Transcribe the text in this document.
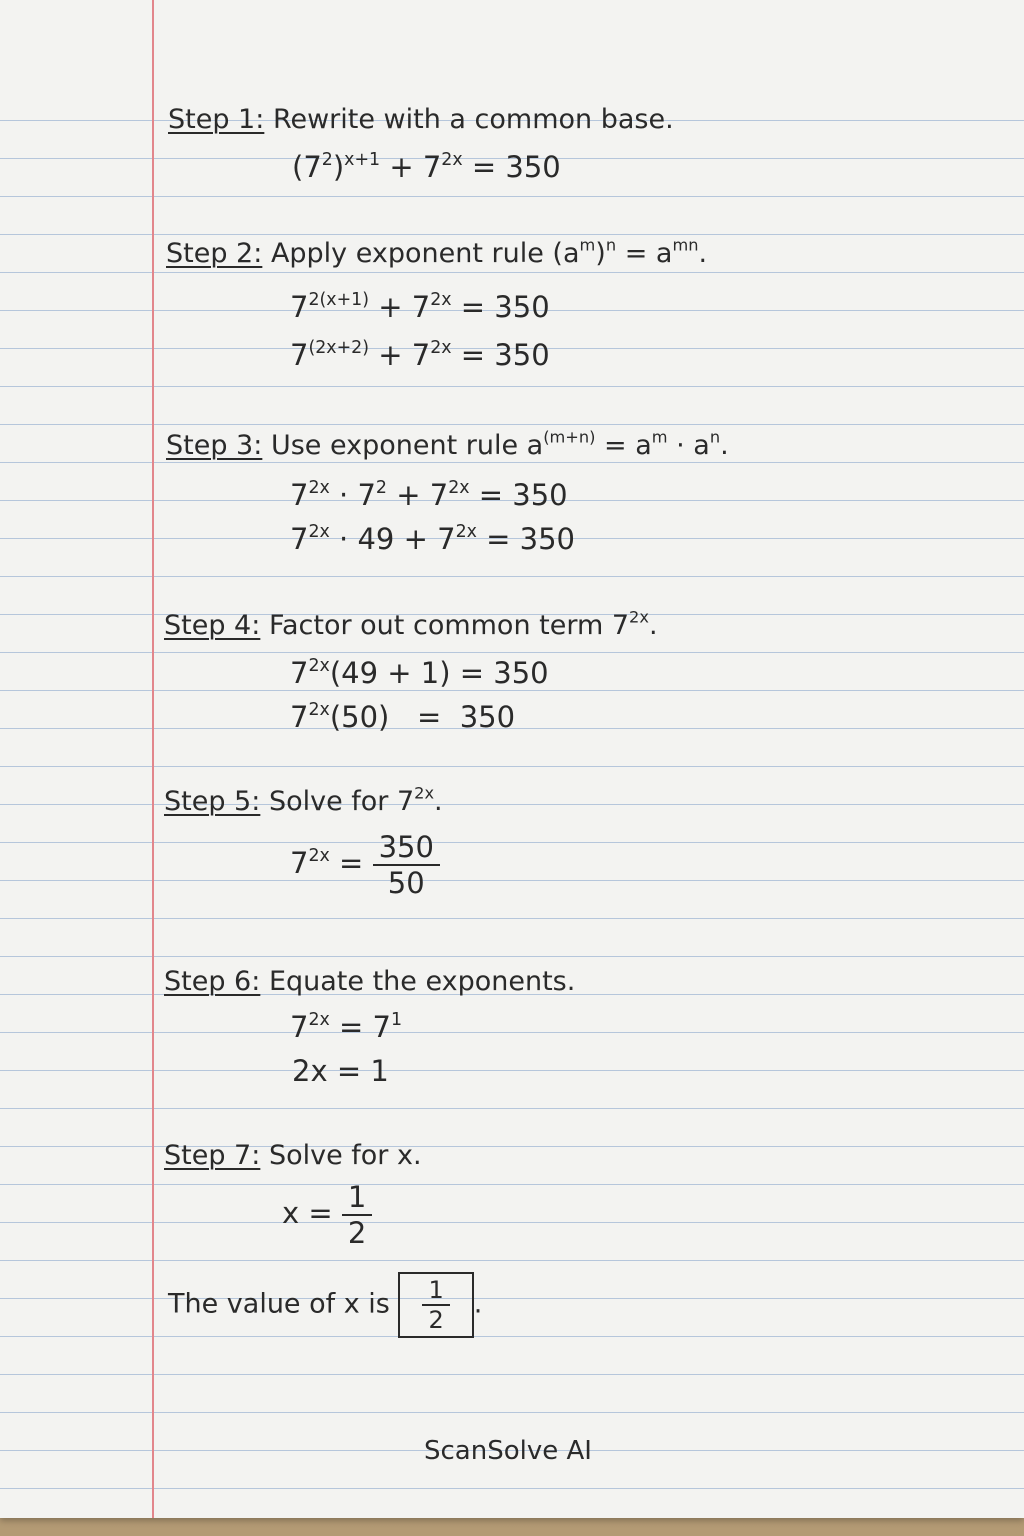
Step 1: Rewrite with a common base.
$(7^2)^{x+1} + 7^{2x} = 350$
Step 2: Apply exponent rule $(a^m)^n = a^{mn}$.
$7^{2(x+1)} + 7^{2x} = 350$
$7^{(2x+2)} + 7^{2x} = 350$
Step 3: Use exponent rule $a^{(m+n)} = a^m \cdot a^n$.
$7^{2x} \cdot 7^2 + 7^{2x} = 350$
$7^{2x} \cdot 49 + 7^{2x} = 350$
Step 4: Factor out common term $7^{2x}$.
$7^{2x}(49 + 1) = 350$
$7^{2x}(50) = 350$
Step 5: Solve for $7^{2x}$.
$7^{2x} = \frac{350}{50}$
Step 6: Equate the exponents.
$7^{2x} = 7^1$
2x = 1
Step 7: Solve for x.
$x = \frac{1}{2}$
The value of x is $\frac{1}{2}$ .
ScanSolve AI
